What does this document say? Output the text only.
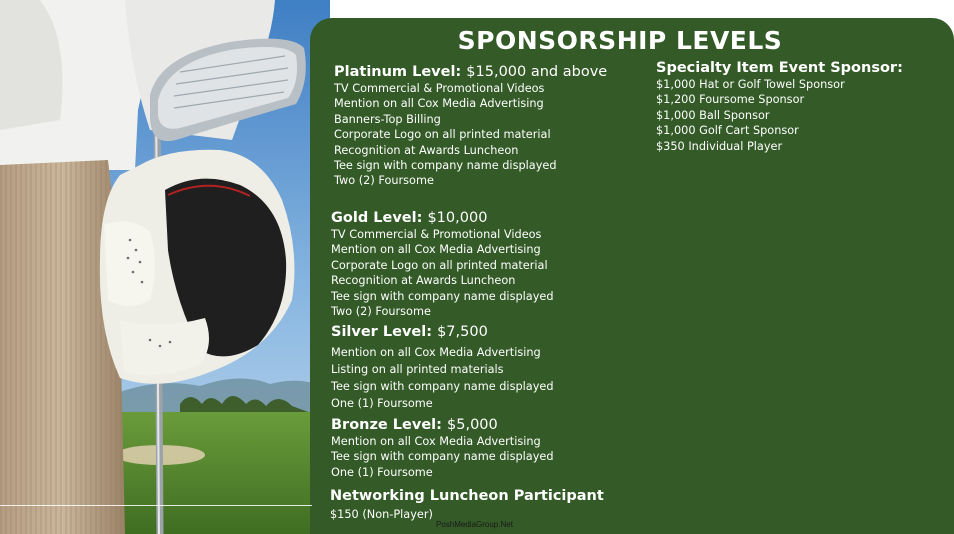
SPONSORSHIP LEVELS
Platinum Level: $15,000 and above
TV Commercial & Promotional Videos
Mention on all Cox Media Advertising
Banners-Top Billing
Corporate Logo on all printed material
Recognition at Awards Luncheon
Tee sign with company name displayed
Two (2) Foursome
Gold Level: $10,000
TV Commercial & Promotional Videos
Mention on all Cox Media Advertising
Corporate Logo on all printed material
Recognition at Awards Luncheon
Tee sign with company name displayed
Two (2) Foursome
Silver Level: $7,500
Mention on all Cox Media Advertising
Listing on all printed materials
Tee sign with company name displayed
One (1) Foursome
Bronze Level: $5,000
Mention on all Cox Media Advertising
Tee sign with company name displayed
One (1) Foursome
Networking Luncheon Participant
$150 (Non-Player)
Specialty Item Event Sponsor:
$1,000 Hat or Golf Towel Sponsor
$1,200 Foursome Sponsor
$1,000 Ball Sponsor
$1,000 Golf Cart Sponsor
$350 Individual Player
PoshMediaGroup.Net
